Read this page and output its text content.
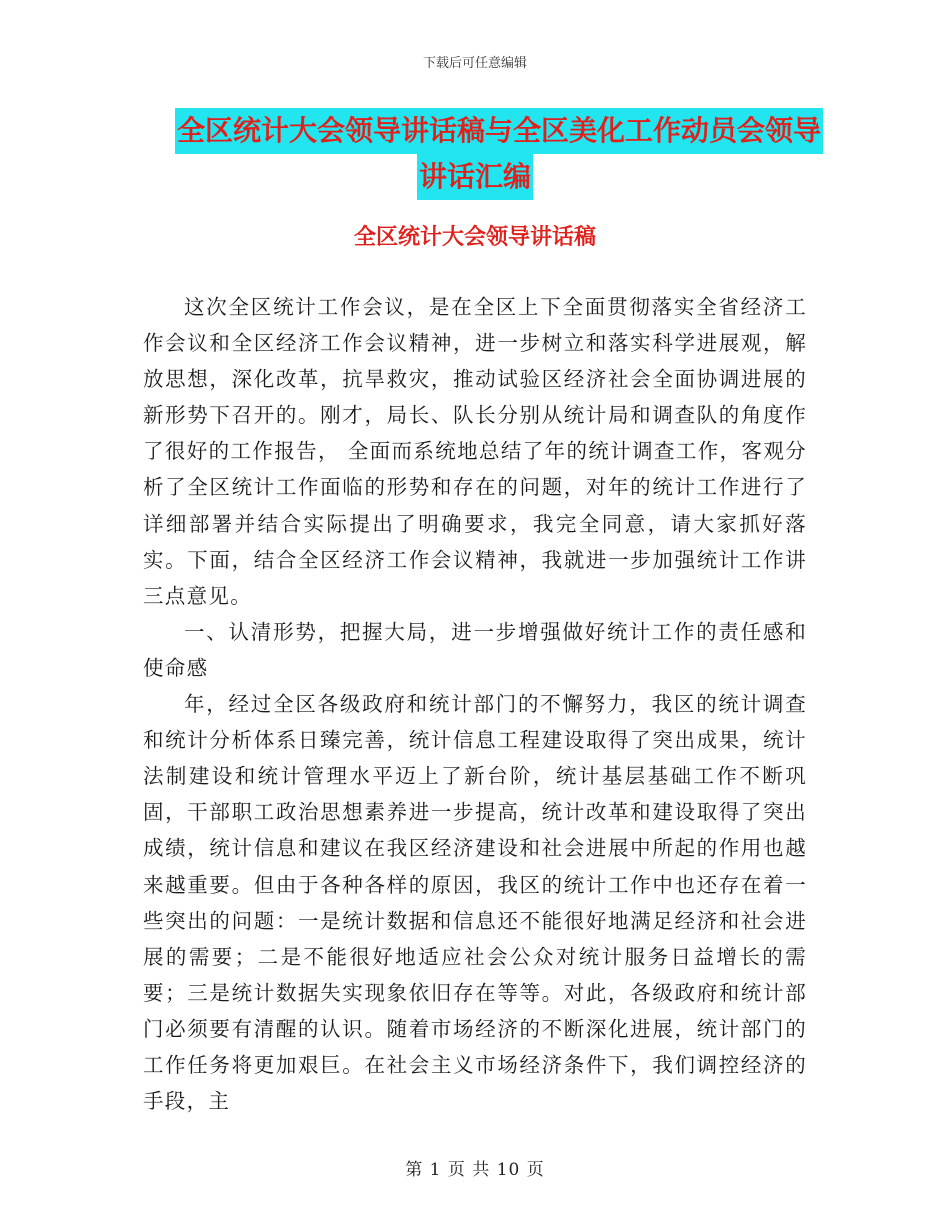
下载后可任意编辑
全区统计大会领导讲话稿与全区美化工作动员会领导
讲话汇编
全区统计大会领导讲话稿

这次全区统计工作会议，是在全区上下全面贯彻落实全省经济工作会议和全区经济工作会议精神，进一步树立和落实科学进展观，解放思想，深化改革，抗旱救灾，推动试验区经济社会全面协调进展的新形势下召开的。刚才，局长、队长分别从统计局和调查队的角度作了很好的工作报告， 全面而系统地总结了年的统计调查工作，客观分析了全区统计工作面临的形势和存在的问题，对年的统计工作进行了详细部署并结合实际提出了明确要求，我完全同意，请大家抓好落实。下面，结合全区经济工作会议精神，我就进一步加强统计工作讲三点意见。

一、认清形势，把握大局，进一步增强做好统计工作的责任感和使命感

年，经过全区各级政府和统计部门的不懈努力，我区的统计调查和统计分析体系日臻完善，统计信息工程建设取得了突出成果，统计法制建设和统计管理水平迈上了新台阶，统计基层基础工作不断巩固，干部职工政治思想素养进一步提高，统计改革和建设取得了突出成绩，统计信息和建议在我区经济建设和社会进展中所起的作用也越来越重要。但由于各种各样的原因，我区的统计工作中也还存在着一些突出的问题：一是统计数据和信息还不能很好地满足经济和社会进展的需要；二是不能很好地适应社会公众对统计服务日益增长的需要；三是统计数据失实现象依旧存在等等。对此，各级政府和统计部门必须要有清醒的认识。随着市场经济的不断深化进展，统计部门的工作任务将更加艰巨。在社会主义市场经济条件下，我们调控经济的手段，主

第 1 页 共 10 页
